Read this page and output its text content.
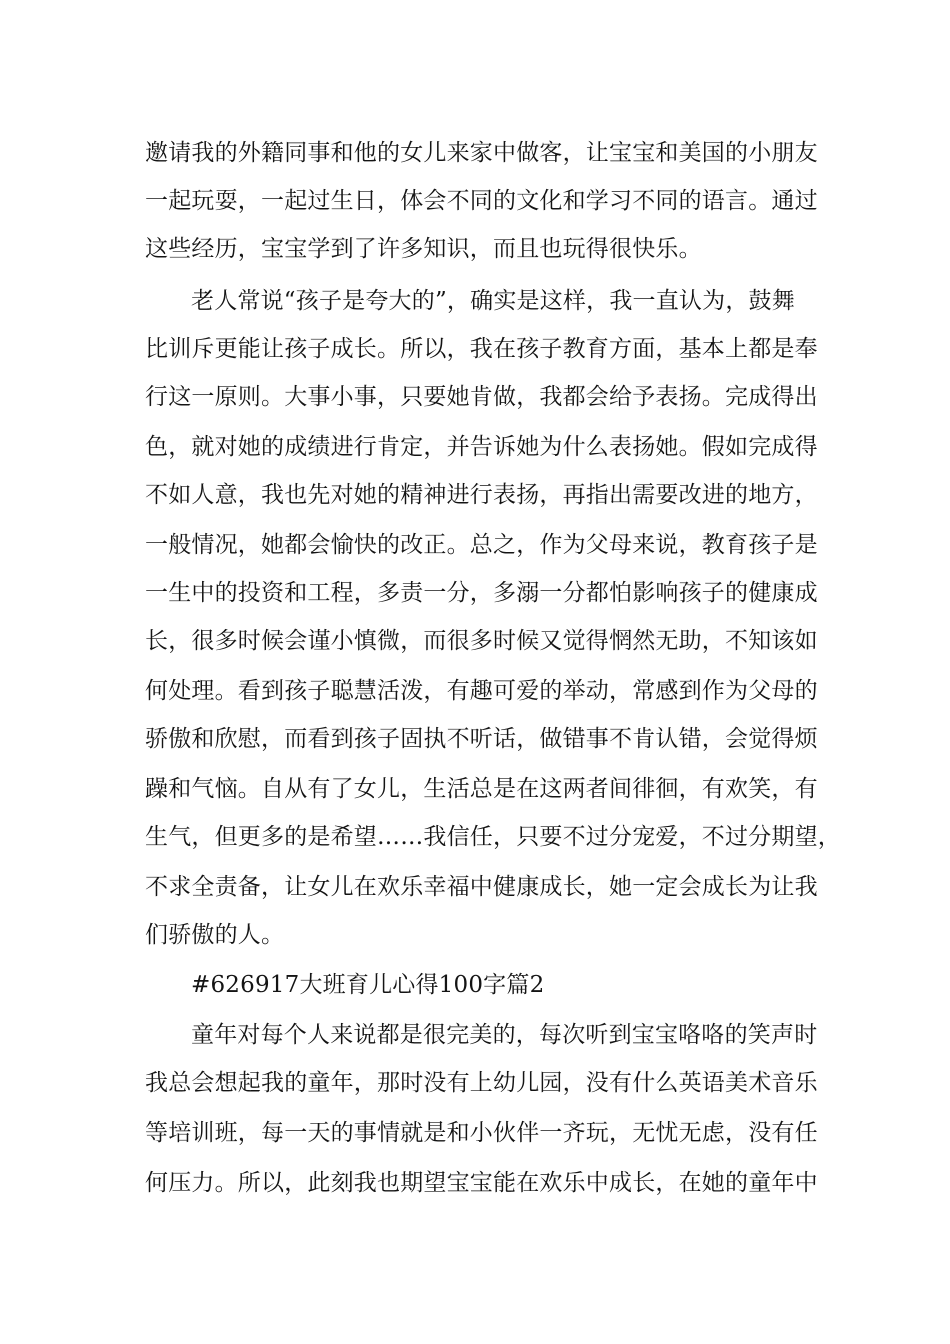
邀请我的外籍同事和他的女儿来家中做客，让宝宝和美国的小朋友
一起玩耍，一起过生日，体会不同的文化和学习不同的语言。通过
这些经历，宝宝学到了许多知识，而且也玩得很快乐。
老人常说“孩子是夸大的”，确实是这样，我一直认为，鼓舞
比训斥更能让孩子成长。所以，我在孩子教育方面，基本上都是奉
行这一原则。大事小事，只要她肯做，我都会给予表扬。完成得出
色，就对她的成绩进行肯定，并告诉她为什么表扬她。假如完成得
不如人意，我也先对她的精神进行表扬，再指出需要改进的地方，
一般情况，她都会愉快的改正。总之，作为父母来说，教育孩子是
一生中的投资和工程，多责一分，多溺一分都怕影响孩子的健康成
长，很多时候会谨小慎微，而很多时候又觉得惘然无助，不知该如
何处理。看到孩子聪慧活泼，有趣可爱的举动，常感到作为父母的
骄傲和欣慰，而看到孩子固执不听话，做错事不肯认错，会觉得烦
躁和气恼。自从有了女儿，生活总是在这两者间徘徊，有欢笑，有
生气，但更多的是希望……我信任，只要不过分宠爱，不过分期望，
不求全责备，让女儿在欢乐幸福中健康成长，她一定会成长为让我
们骄傲的人。
#626917大班育儿心得100字篇2
童年对每个人来说都是很完美的，每次听到宝宝咯咯的笑声时
我总会想起我的童年，那时没有上幼儿园，没有什么英语美术音乐
等培训班，每一天的事情就是和小伙伴一齐玩，无忧无虑，没有任
何压力。所以，此刻我也期望宝宝能在欢乐中成长，在她的童年中
